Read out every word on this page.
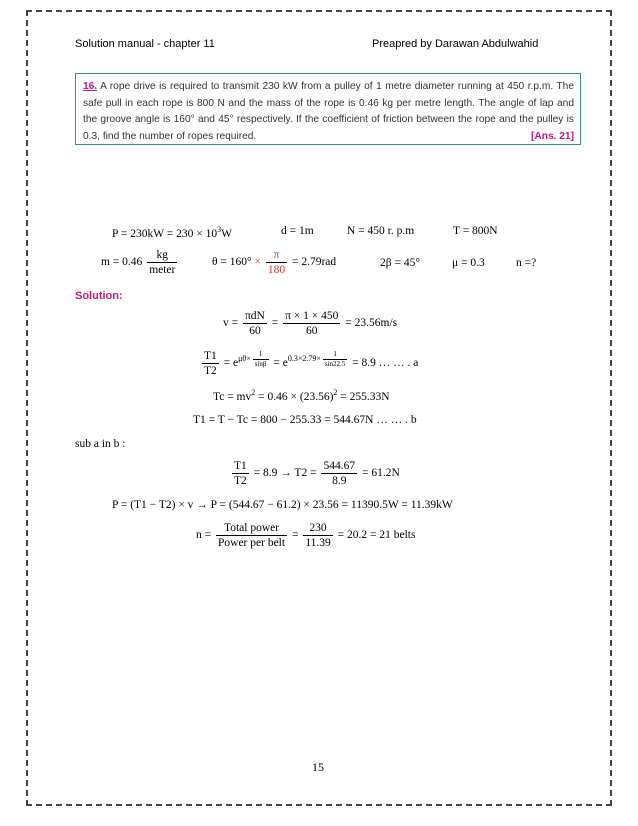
Solution manual - chapter 11	Preapred by Darawan Abdulwahid
16. A rope drive is required to transmit 230 kW from a pulley of 1 metre diameter running at 450 r.p.m. The safe pull in each rope is 800 N and the mass of the rope is 0.46 kg per metre length. The angle of lap and the groove angle is 160° and 45° respectively. If the coefficient of friction between the rope and the pulley is 0.3, find the number of ropes required.	[Ans. 21]
$P = 230kW = 230 \times 10^3W$	d = 1m	N = 450 r. p.m	T = 800N
$m = 0.46 \frac{kg}{\text{meter}}$	$\theta = 160^\circ \times \frac{\pi}{180} = 2.79rad$	2β = 45°	μ = 0.3	n =?
Solution:
$v = \frac{\text{πdN}}{60} = \frac{\pi \times 1 \times 450}{60} = 23.56m/s$
$\frac{T1}{T2} = e^{\mu\theta\times \frac{1}{\sin\beta}} = e^{0.3\times 2.79\times \frac{1}{\sin 22.5}} = 8.9$ … … . a
$Tc = mv^2 = 0.46 \times (23.56)^2 = 255.33N$
T1 = T − Tc = 800 − 255.33 = 544.67N … … . b
sub a in b :
$\frac{T1}{T2} = 8.9 \to T2 = \frac{544.67}{8.9} = 61.2N$
P = (T1 − T2) × v → P = (544.67 − 61.2) × 23.56 = 11390.5W = 11.39kW
$n = \frac{\text{Total power}}{\text{Power per belt}} = \frac{230}{11.39} = 20.2 = 21$ belts
15
